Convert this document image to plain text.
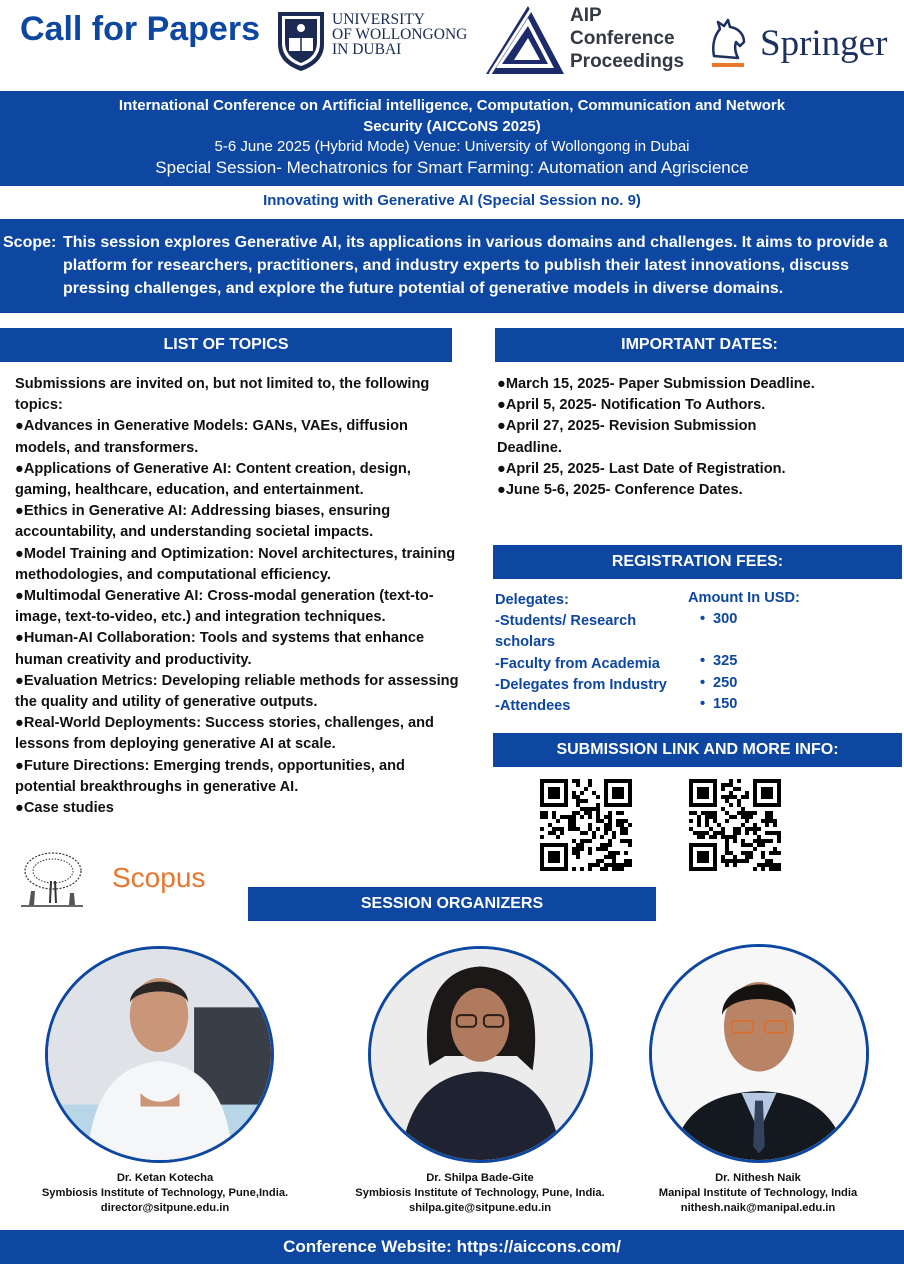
Call for Papers	UNIVERSITY
OF WOLLONGONG
IN DUBAI
AIP
Conference
Proceedings Springer
International Conference on Artificial intelligence, Computation, Communication and Network
Security (AICCoNS 2025)
5-6 June 2025 (Hybrid Mode) Venue: University of Wollongong in Dubai
Special Session- Mechatronics for Smart Farming: Automation and Agriscience
Innovating with Generative AI (Special Session no. 9)
Scope: This session explores Generative AI, its applications in various domains and challenges. It aims to provide a platform for researchers, practitioners, and industry experts to publish their latest innovations, discuss pressing challenges, and explore the future potential of generative models in diverse domains.
LIST OF TOPICS
Submissions are invited on, but not limited to, the following topics:
●Advances in Generative Models: GANs, VAEs, diffusion models, and transformers.
●Applications of Generative AI: Content creation, design, gaming, healthcare, education, and entertainment.
●Ethics in Generative AI: Addressing biases, ensuring accountability, and understanding societal impacts.
●Model Training and Optimization: Novel architectures, training methodologies, and computational efficiency.
●Multimodal Generative AI: Cross-modal generation (text-to-image, text-to-video, etc.) and integration techniques.
●Human-AI Collaboration: Tools and systems that enhance human creativity and productivity.
●Evaluation Metrics: Developing reliable methods for assessing the quality and utility of generative outputs.
●Real-World Deployments: Success stories, challenges, and lessons from deploying generative AI at scale.
●Future Directions: Emerging trends, opportunities, and potential breakthroughs in generative AI.
●Case studies
IMPORTANT DATES:
●March 15, 2025- Paper Submission Deadline.
●April 5, 2025- Notification To Authors.
●April 27, 2025- Revision Submission Deadline.
●April 25, 2025- Last Date of Registration.
●June 5-6, 2025- Conference Dates.
REGISTRATION FEES:
Delegates:
-Students/ Research scholars
-Faculty from Academia
-Delegates from Industry
-Attendees
Amount In USD:
• 300
• 325
• 250
• 150
SUBMISSION LINK AND MORE INFO:
Scopus
SESSION ORGANIZERS
Dr. Ketan Kotecha
Symbiosis Institute of Technology, Pune,India.
director@sitpune.edu.in
Dr. Shilpa Bade-Gite
Symbiosis Institute of Technology, Pune, India.
shilpa.gite@sitpune.edu.in
Dr. Nithesh Naik
Manipal Institute of Technology, India
nithesh.naik@manipal.edu.in
Conference Website: https://aiccons.com/
